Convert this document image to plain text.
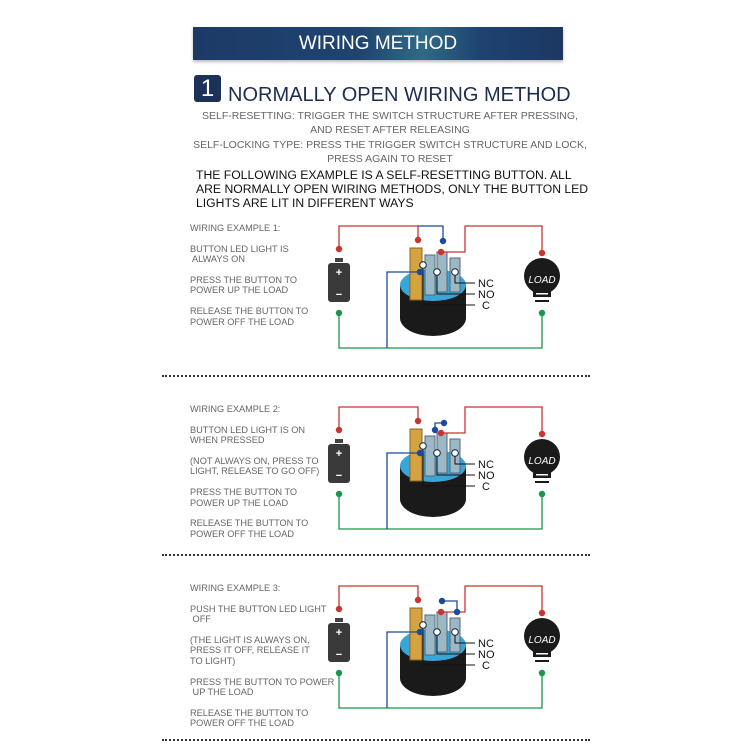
WIRING METHOD
1 NORMALLY OPEN WIRING METHOD
SELF-RESETTING: TRIGGER THE SWITCH STRUCTURE AFTER PRESSING,
AND RESET AFTER RELEASING
SELF-LOCKING TYPE: PRESS THE TRIGGER SWITCH STRUCTURE AND LOCK,
PRESS AGAIN TO RESET
THE FOLLOWING EXAMPLE IS A SELF-RESETTING BUTTON. ALL ARE NORMALLY OPEN WIRING METHODS, ONLY THE BUTTON LED LIGHTS ARE LIT IN DIFFERENT WAYS
WIRING EXAMPLE 1:
BUTTON LED LIGHT IS
ALWAYS ON
PRESS THE BUTTON TO
POWER UP THE LOAD
RELEASE THE BUTTON TO
POWER OFF THE LOAD
NC
NO
C
+
−
LOAD
WIRING EXAMPLE 2:
BUTTON LED LIGHT IS ON
WHEN PRESSED
(NOT ALWAYS ON, PRESS TO
LIGHT, RELEASE TO GO OFF)
PRESS THE BUTTON TO
POWER UP THE LOAD
RELEASE THE BUTTON TO
POWER OFF THE LOAD
NC
NO
C
+
−
LOAD
WIRING EXAMPLE 3:
PUSH THE BUTTON LED LIGHT
OFF
(THE LIGHT IS ALWAYS ON,
PRESS IT OFF, RELEASE IT
TO LIGHT)
PRESS THE BUTTON TO POWER
UP THE LOAD
RELEASE THE BUTTON TO
POWER OFF THE LOAD
NC
NO
C
+
−
LOAD
